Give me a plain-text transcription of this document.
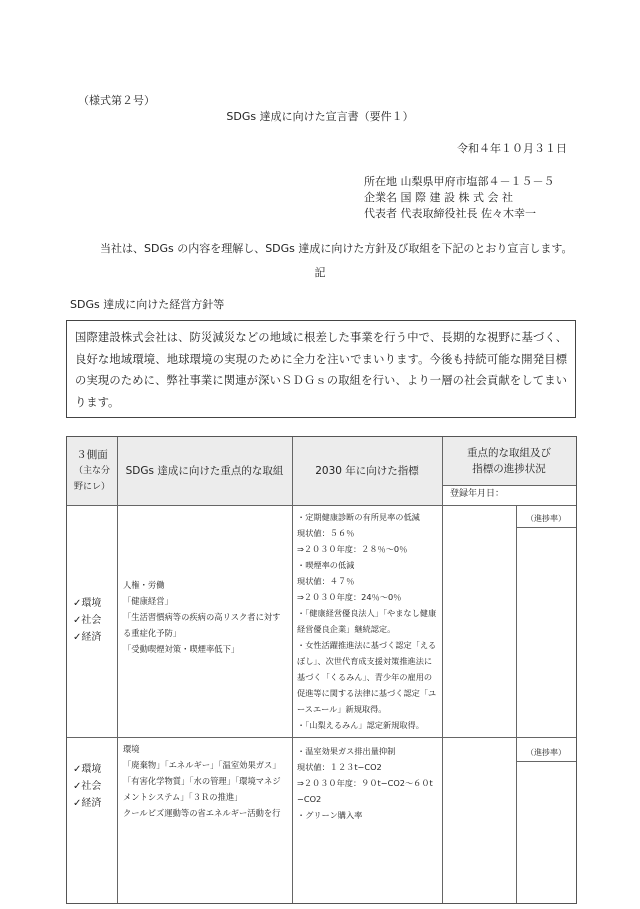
（様式第２号）
SDGs 達成に向けた宣言書（要件１）
令和４年１０月３１日
所在地 山梨県甲府市塩部４－１５－５
企業名 国 際 建 設 株 式 会 社
代表者 代表取締役社長 佐々木幸一
当社は、SDGs の内容を理解し、SDGs 達成に向けた方針及び取組を下記のとおり宣言します。
記
SDGs 達成に向けた経営方針等
国際建設株式会社は、防災減災などの地域に根差した事業を行う中で、長期的な視野に基づく、良好な地域環境、地球環境の実現のために全力を注いでまいります。今後も持続可能な開発目標の実現のために、弊社事業に関連が深いＳＤＧｓの取組を行い、より一層の社会貢献をしてまいります。
３側面
（主な分
野にレ）
SDGs 達成に向けた重点的な取組	2030 年に向けた指標
重点的な取組及び
指標の進捗状況
登録年月日：
✓環境
✓社会
✓経済
人権・労働
「健康経営」
「生活習慣病等の疾病の高リスク者に対す
る重症化予防」
「受動喫煙対策・喫煙率低下」
・定期健康診断の有所見率の低減
現状値：５６％
⇒２０３０年度：２８％～0％
・喫煙率の低減
現状値：４７％
⇒２０３０年度：24％～0％
・「健康経営優良法人」「やまなし健康
経営優良企業」継続認定。
・女性活躍推進法に基づく認定「える
ぼし」、次世代育成支援対策推進法に
基づく「くるみん」、青少年の雇用の
促進等に関する法律に基づく認定「ユ
ースエール」新規取得。
・「山梨えるみん」認定新規取得。
（進捗率）
✓環境
✓社会
✓経済
環境
「廃棄物」「エネルギー」「温室効果ガス」
「有害化学物質」「水の管理」「環境マネジ
メントシステム」「３Ｒの推進」
クールビズ運動等の省エネルギー活動を行
・温室効果ガス排出量抑制
現状値：１２３t−CO2
⇒２０３０年度：９０t−CO2～６０t
−CO2
・グリーン購入率
（進捗率）
